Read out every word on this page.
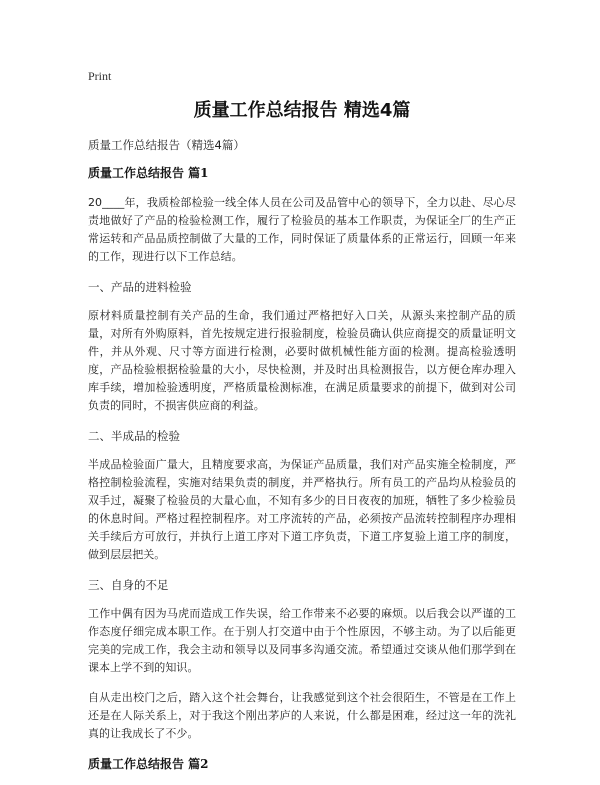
Print
质量工作总结报告 精选4篇
质量工作总结报告（精选4篇）
质量工作总结报告 篇1
20____年，我质检部检验一线全体人员在公司及品管中心的领导下，全力以赴、尽心尽责地做好了产品的检验检测工作，履行了检验员的基本工作职责，为保证全厂的生产正常运转和产品品质控制做了大量的工作，同时保证了质量体系的正常运行，回顾一年来的工作，现进行以下工作总结。
一、产品的进料检验
原材料质量控制有关产品的生命，我们通过严格把好入口关，从源头来控制产品的质量，对所有外购原料，首先按规定进行报验制度，检验员确认供应商提交的质量证明文件，并从外观、尺寸等方面进行检测，必要时做机械性能方面的检测。提高检验透明度，产品检验根据检验量的大小，尽快检测，并及时出具检测报告，以方便仓库办理入库手续，增加检验透明度，严格质量检测标准，在满足质量要求的前提下，做到对公司负责的同时，不损害供应商的利益。
二、半成品的检验
半成品检验面广量大，且精度要求高，为保证产品质量，我们对产品实施全检制度，严格控制检验流程，实施对结果负责的制度，并严格执行。所有员工的产品均从检验员的双手过，凝聚了检验员的大量心血，不知有多少的日日夜夜的加班，牺牲了多少检验员的休息时间。严格过程控制程序。对工序流转的产品，必须按产品流转控制程序办理相关手续后方可放行，并执行上道工序对下道工序负责，下道工序复验上道工序的制度，做到层层把关。
三、自身的不足
工作中偶有因为马虎而造成工作失误，给工作带来不必要的麻烦。以后我会以严谨的工作态度仔细完成本职工作。在于别人打交道中由于个性原因，不够主动。为了以后能更完美的完成工作，我会主动和领导以及同事多沟通交流。希望通过交谈从他们那学到在课本上学不到的知识。
自从走出校门之后，踏入这个社会舞台，让我感觉到这个社会很陌生，不管是在工作上还是在人际关系上，对于我这个刚出茅庐的人来说，什么都是困难，经过这一年的洗礼真的让我成长了不少。
质量工作总结报告 篇2
